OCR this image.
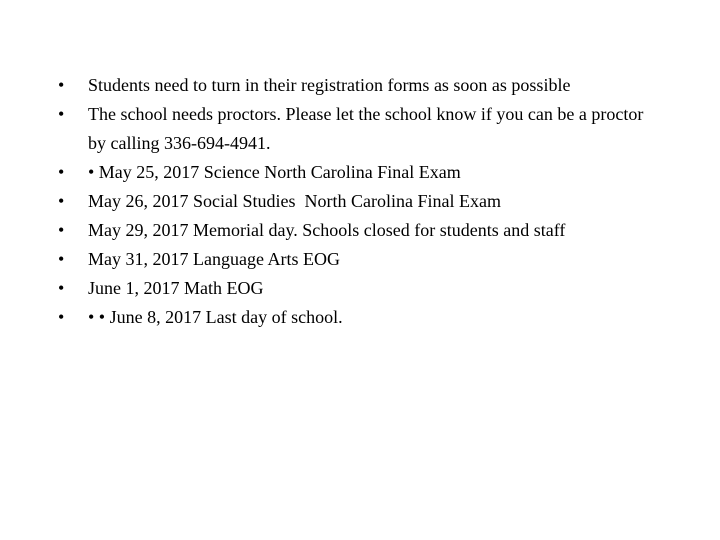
•	Students need to turn in their registration forms as soon as possible
•	The school needs proctors. Please let the school know if you can be a proctor by calling 336-694-4941.
•	• May 25, 2017 Science North Carolina Final Exam
•	May 26, 2017 Social Studies  North Carolina Final Exam
•	May 29, 2017 Memorial day. Schools closed for students and staff
•	May 31, 2017 Language Arts EOG
•	June 1, 2017 Math EOG
•	• • June 8, 2017 Last day of school.
